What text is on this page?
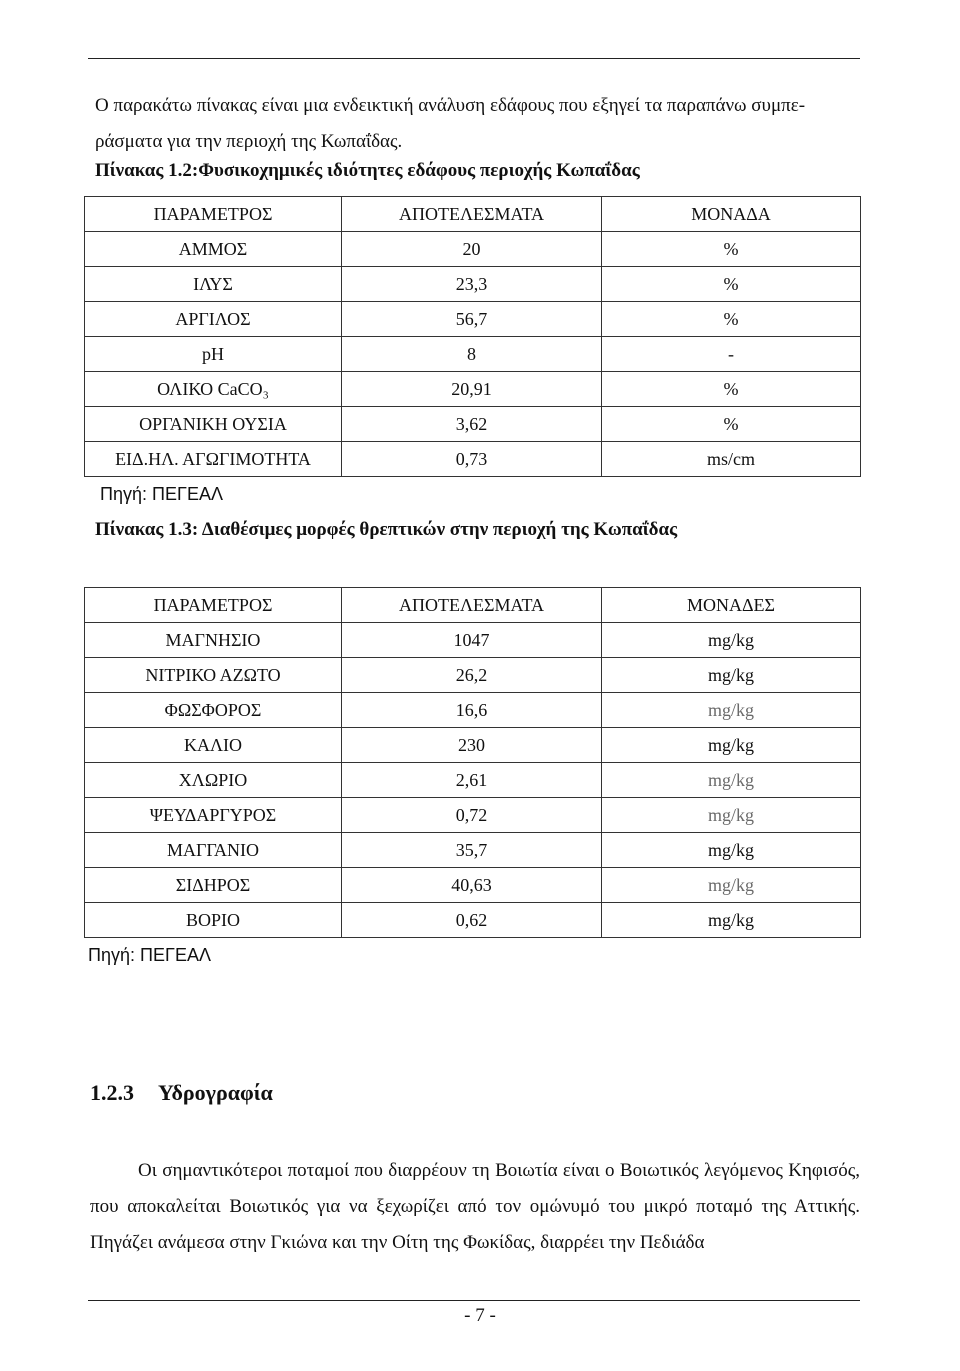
Ο παρακάτω πίνακας είναι μια ενδεικτική ανάλυση εδάφους που εξηγεί τα παραπάνω συμπε-ράσματα για την περιοχή της Κωπαΐδας.

Πίνακας 1.2:Φυσικοχημικές ιδιότητες εδάφους περιοχής Κωπαΐδας
ΠΑΡΑΜΕΤΡΟΣ	ΑΠΟΤΕΛΕΣΜΑΤΑ	ΜΟΝΑΔΑ
ΑΜΜΟΣ	20	%
ΙΛΥΣ	23,3	%
ΑΡΓΙΛΟΣ	56,7	%
pH	8	-
ΟΛΙΚΟ CaCO₃	20,91	%
ΟΡΓΑΝΙΚΗ ΟΥΣΙΑ	3,62	%
ΕΙΔ.ΗΛ. ΑΓΩΓΙΜΟΤΗΤΑ	0,73	ms/cm
Πηγή: ΠΕΓΕΑΛ
Πίνακας 1.3: Διαθέσιμες μορφές θρεπτικών στην περιοχή της Κωπαΐδας
ΠΑΡΑΜΕΤΡΟΣ	ΑΠΟΤΕΛΕΣΜΑΤΑ	ΜΟΝΑΔΕΣ
ΜΑΓΝΗΣΙΟ	1047	mg/kg
ΝΙΤΡΙΚΟ ΑΖΩΤΟ	26,2	mg/kg
ΦΩΣΦΟΡΟΣ	16,6	mg/kg
ΚΑΛΙΟ	230	mg/kg
ΧΛΩΡΙΟ	2,61	mg/kg
ΨΕΥΔΑΡΓΥΡΟΣ	0,72	mg/kg
ΜΑΓΓΑΝΙΟ	35,7	mg/kg
ΣΙΔΗΡΟΣ	40,63	mg/kg
ΒΟΡΙΟ	0,62	mg/kg
Πηγή: ΠΕΓΕΑΛ
1.2.3 Υδρογραφία

Οι σημαντικότεροι ποταμοί που διαρρέουν τη Βοιωτία είναι ο Βοιωτικός λεγόμενος Κηφισός, που αποκαλείται Βοιωτικός για να ξεχωρίζει από τον ομώνυμό του μικρό ποταμό της Αττικής. Πηγάζει ανάμεσα στην Γκιώνα και την Οίτη της Φωκίδας, διαρρέει την Πεδιάδα

- 7 -
